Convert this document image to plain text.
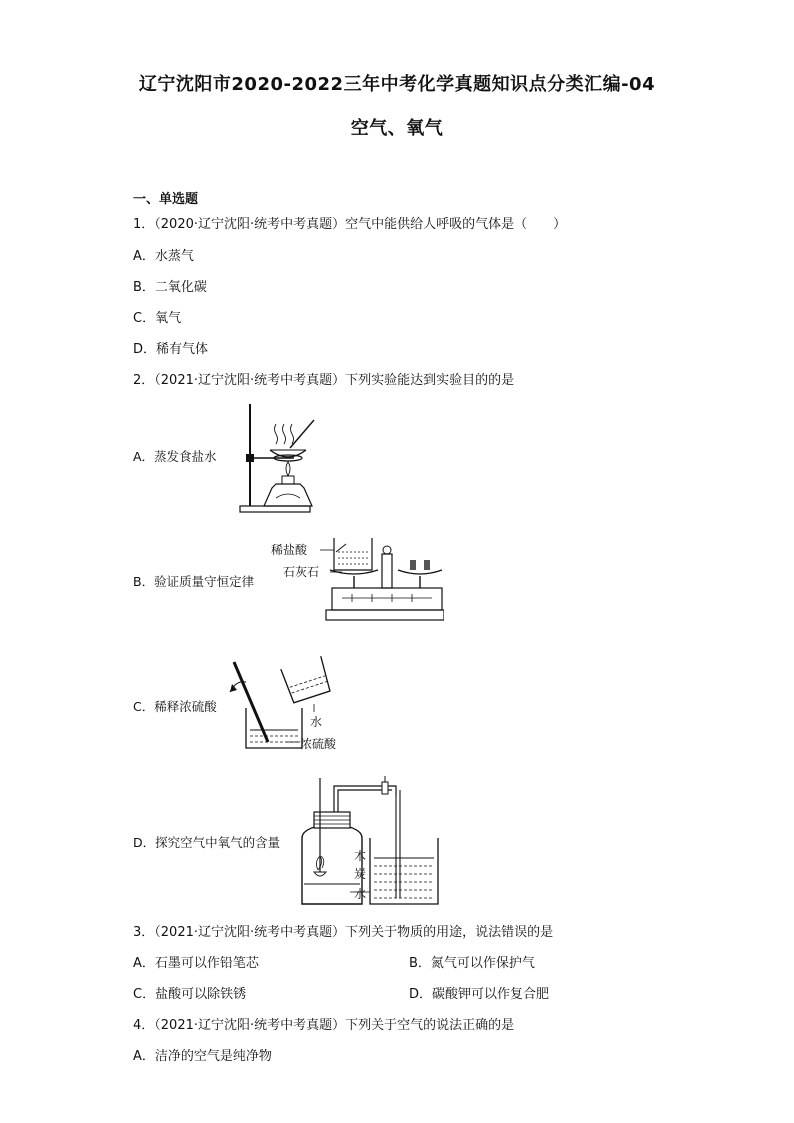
辽宁沈阳市2020-2022三年中考化学真题知识点分类汇编-04
空气、氧气
一、单选题
1．（2020·辽宁沈阳·统考中考真题）空气中能供给人呼吸的气体是（　　）
A．水蒸气
B．二氧化碳
C．氧气
D．稀有气体
2．（2021·辽宁沈阳·统考中考真题）下列实验能达到实验目的的是
A．蒸发食盐水
B．验证质量守恒定律
稀盐酸
石灰石
C．稀释浓硫酸
水
浓硫酸
D．探究空气中氧气的含量
木
炭
水
3．（2021·辽宁沈阳·统考中考真题）下列关于物质的用途，说法错误的是
A．石墨可以作铅笔芯	B．氮气可以作保护气
C．盐酸可以除铁锈	D．碳酸钾可以作复合肥
4．（2021·辽宁沈阳·统考中考真题）下列关于空气的说法正确的是
A．洁净的空气是纯净物
